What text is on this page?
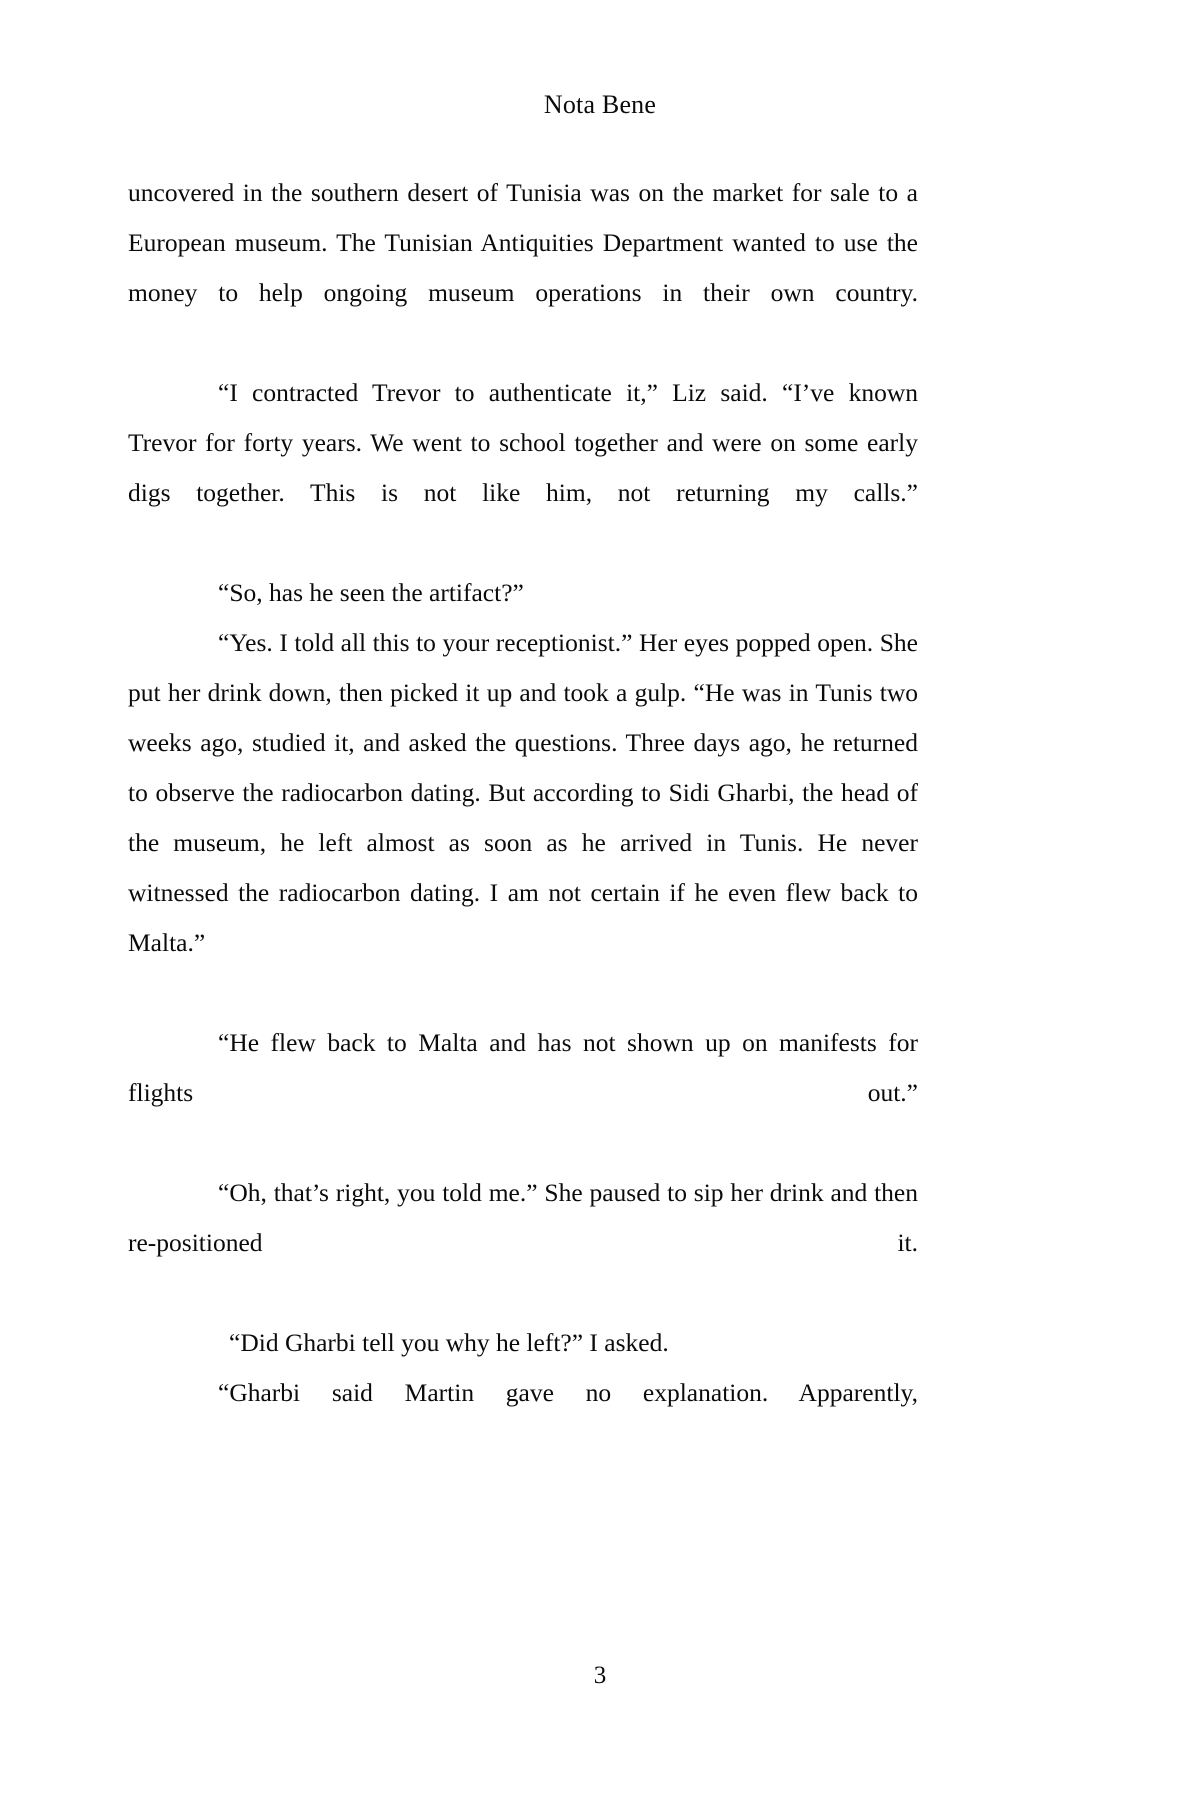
Nota Bene

uncovered in the southern desert of Tunisia was on the market for sale to a European museum. The Tunisian Antiquities Department wanted to use the money to help ongoing museum operations in their own country.

“I contracted Trevor to authenticate it,” Liz said. “I’ve known Trevor for forty years. We went to school together and were on some early digs together. This is not like him, not returning my calls.”

“So, has he seen the artifact?”

“Yes. I told all this to your receptionist.” Her eyes popped open. She put her drink down, then picked it up and took a gulp. “He was in Tunis two weeks ago, studied it, and asked the questions. Three days ago, he returned to observe the radiocarbon dating. But according to Sidi Gharbi, the head of the museum, he left almost as soon as he arrived in Tunis. He never witnessed the radiocarbon dating. I am not certain if he even flew back to Malta.”

“He flew back to Malta and has not shown up on manifests for flights out.”

“Oh, that’s right, you told me.” She paused to sip her drink and then re-positioned it.

“Did Gharbi tell you why he left?” I asked.

“Gharbi said Martin gave no explanation. Apparently,

3
